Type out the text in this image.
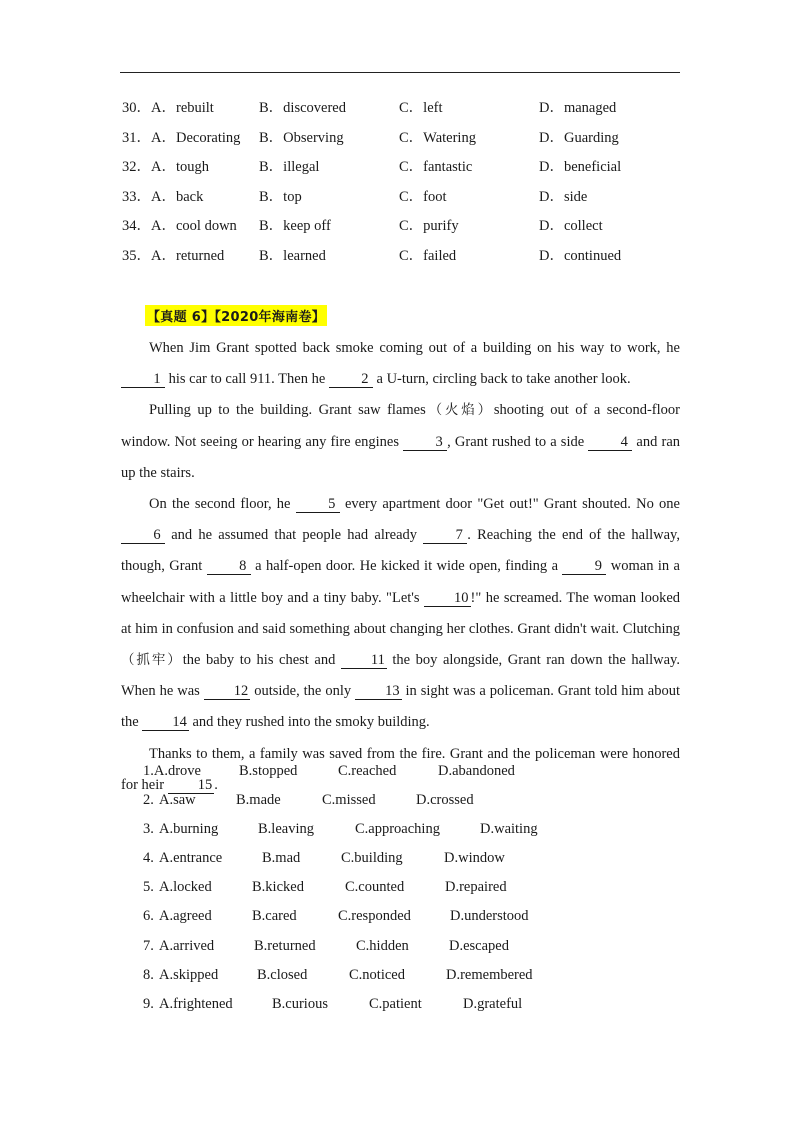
30．A．rebuilt	B．discovered	C．left	D．managed
31．A．Decorating B．Observing	C．Watering	D．Guarding
32．A．tough	B．illegal	C．fantastic	D．beneficial
33．A．back	B．top	C．foot	D．side
34．A．cool down B．keep off	C．purify	D．collect
35．A．returned B．learned	C．failed	D．continued
【真题 6】【2020年海南卷】

When Jim Grant spotted back smoke coming out of a building on his way to work, he 1 his car to call 911. Then he 2 a U-turn, circling back to take another look.

Pulling up to the building. Grant saw flames（火焰）shooting out of a second-floor window. Not seeing or hearing any fire engines 3 , Grant rushed to a side 4 and ran up the stairs.

On the second floor, he 5 every apartment door "Get out!" Grant shouted. No one 6 and he assumed that people had already 7 . Reaching the end of the hallway, though, Grant 8 a half-open door. He kicked it wide open, finding a 9 woman in a wheelchair with a little boy and a tiny baby. "Let's 10 !" he screamed. The woman looked at him in confusion and said something about changing her clothes. Grant didn't wait. Clutching（抓牢）the baby to his chest and 11 the boy alongside, Grant ran down the hallway. When he was 12 outside, the only 13 in sight was a policeman. Grant told him about the 14 and they rushed into the smoky building.

Thanks to them, a family was saved from the fire. Grant and the policeman were honored for heir 15 .

1.A.drove	B.stopped	C.reached	D.abandoned
2. A.saw	B.made	C.missed	D.crossed
3. A.burning	B.leaving	C.approaching	D.waiting
4. A.entrance	B.mad	C.building	D.window
5. A.locked	B.kicked	C.counted	D.repaired
6. A.agreed	B.cared	C.responded	D.understood
7. A.arrived	B.returned	C.hidden	D.escaped
8. A.skipped	B.closed	C.noticed	D.remembered
9. A.frightened	B.curious	C.patient	D.grateful
